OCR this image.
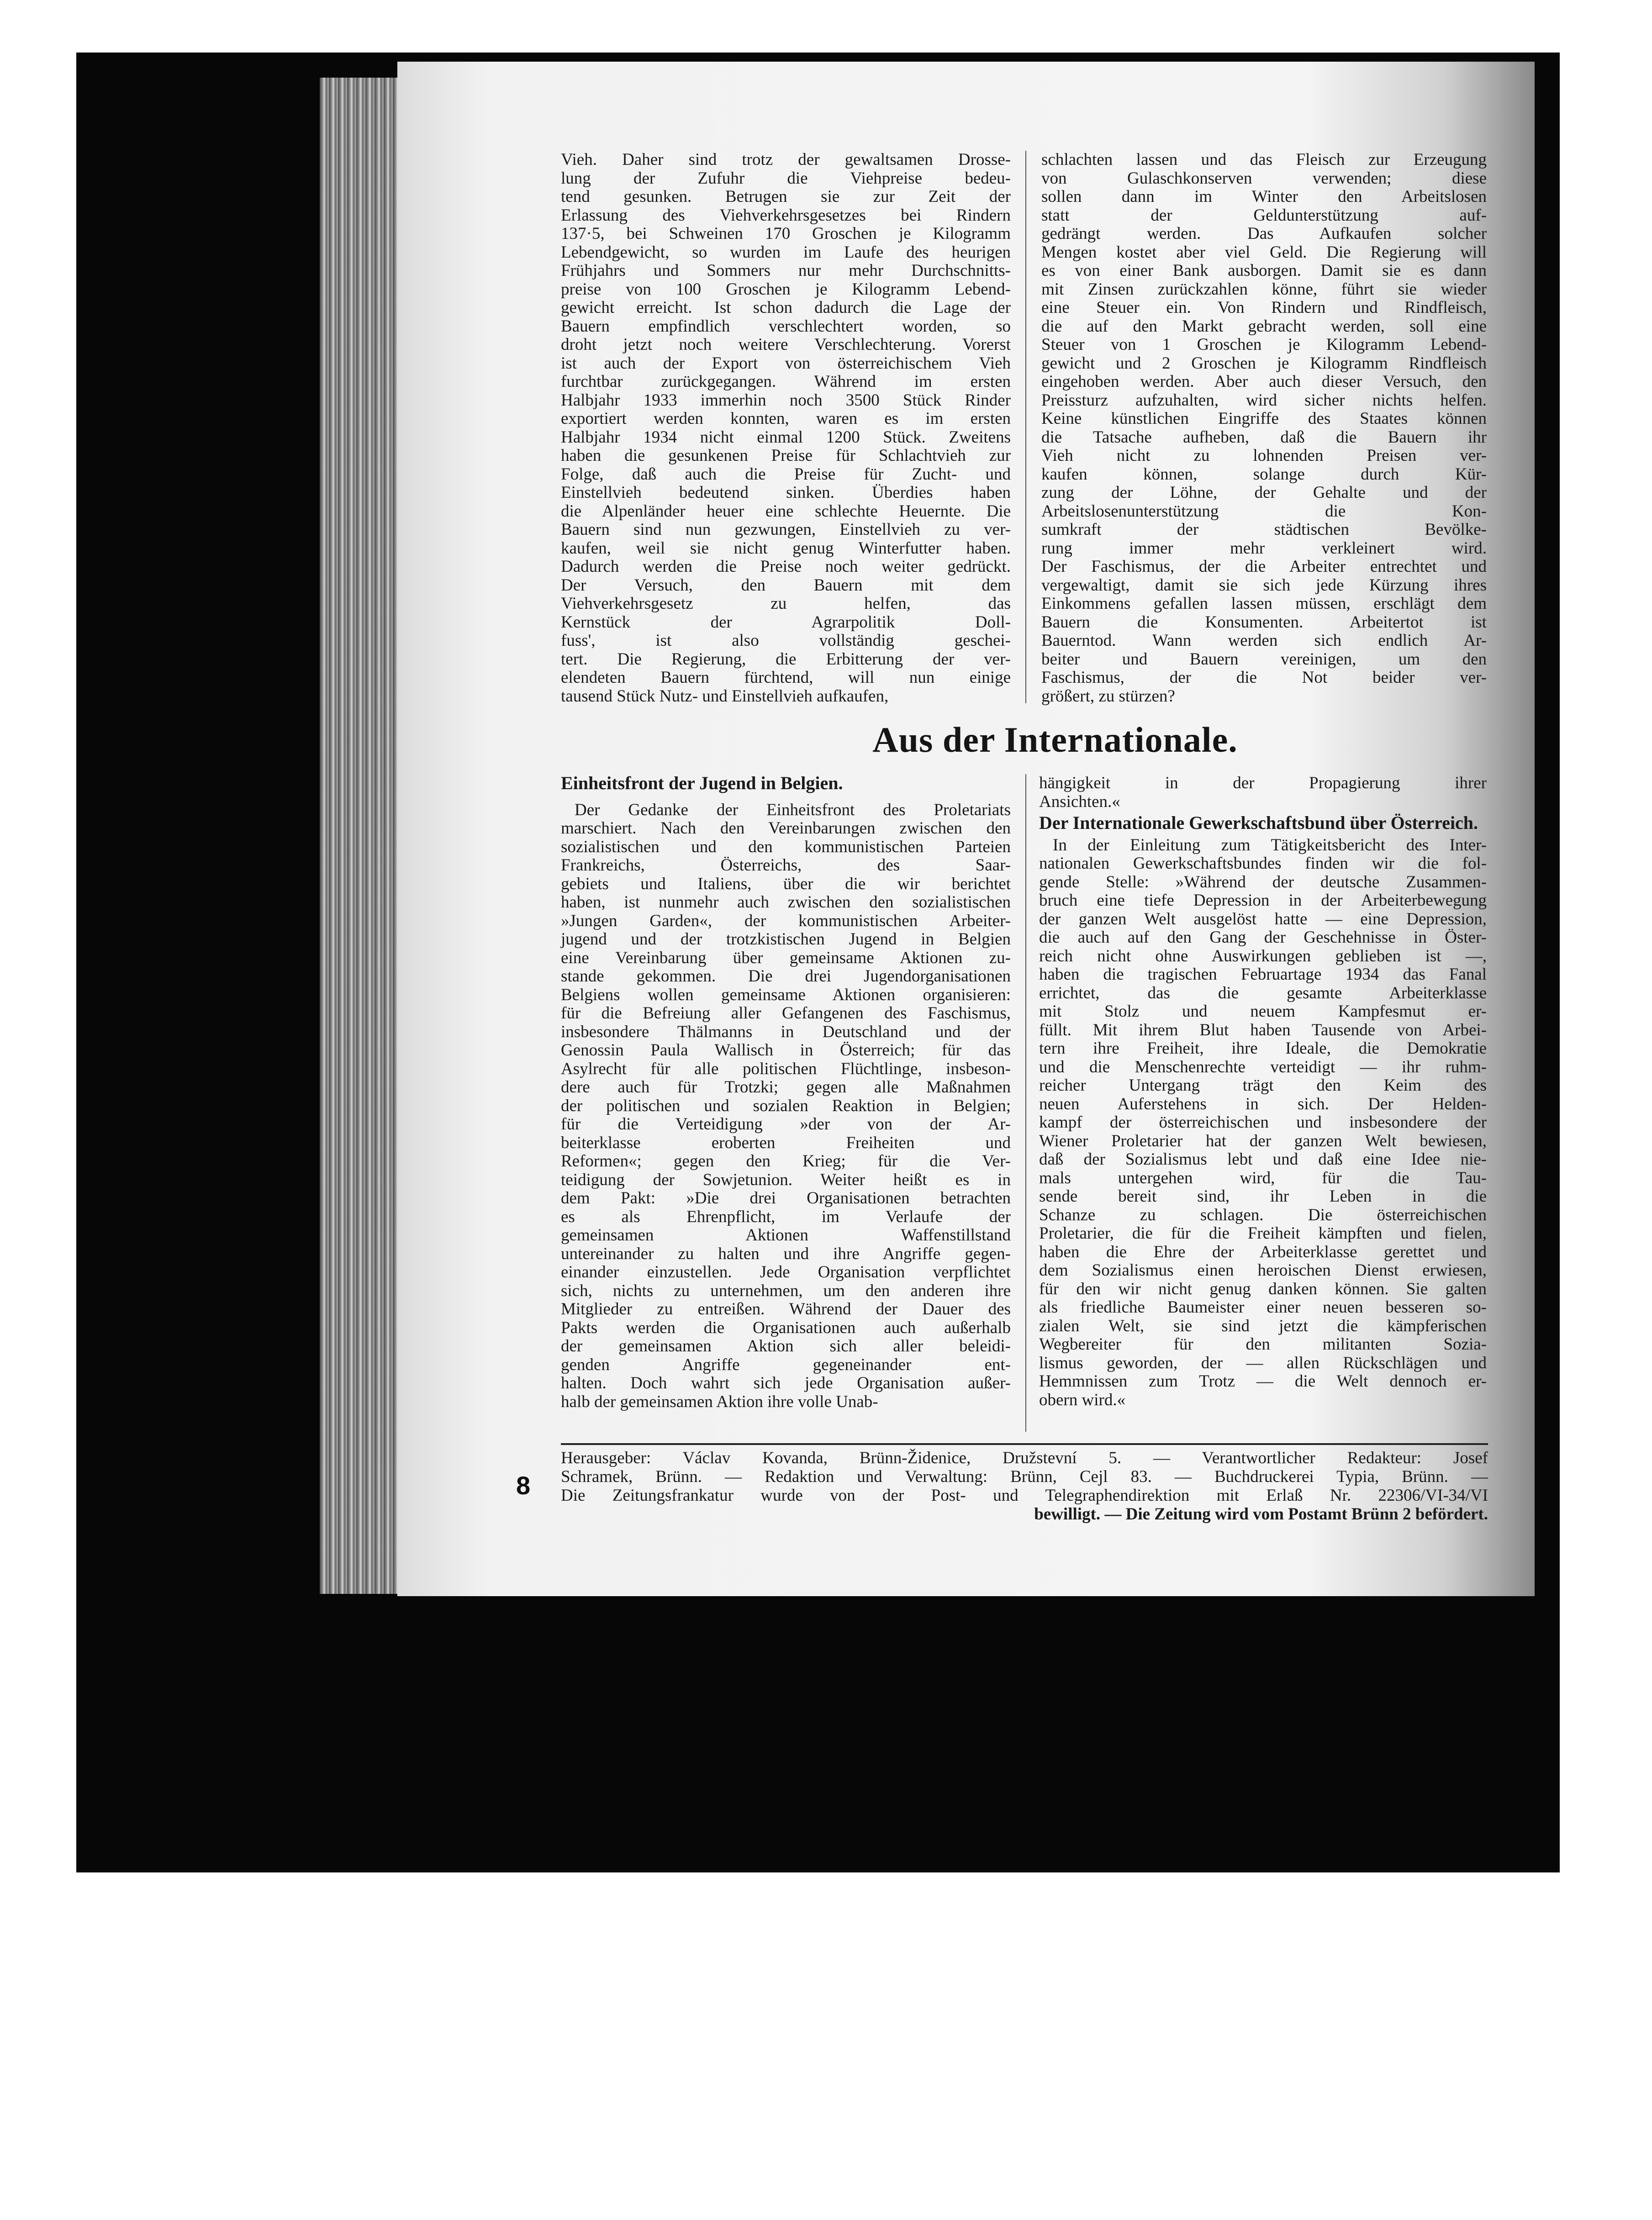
Vieh. Daher sind trotz der gewaltsamen Drosse-

lung der Zufuhr die Viehpreise bedeu-

tend gesunken. Betrugen sie zur Zeit der

Erlassung des Viehverkehrsgesetzes bei Rindern

137·5, bei Schweinen 170 Groschen je Kilogramm

Lebendgewicht, so wurden im Laufe des heurigen

Frühjahrs und Sommers nur mehr Durchschnitts-

preise von 100 Groschen je Kilogramm Lebend-

gewicht erreicht. Ist schon dadurch die Lage der

Bauern empfindlich verschlechtert worden, so

droht jetzt noch weitere Verschlechterung. Vorerst

ist auch der Export von österreichischem Vieh

furchtbar zurückgegangen. Während im ersten

Halbjahr 1933 immerhin noch 3500 Stück Rinder

exportiert werden konnten, waren es im ersten

Halbjahr 1934 nicht einmal 1200 Stück. Zweitens

haben die gesunkenen Preise für Schlachtvieh zur

Folge, daß auch die Preise für Zucht- und

Einstellvieh bedeutend sinken. Überdies haben

die Alpenländer heuer eine schlechte Heuernte. Die

Bauern sind nun gezwungen, Einstellvieh zu ver-

kaufen, weil sie nicht genug Winterfutter haben.

Dadurch werden die Preise noch weiter gedrückt.

Der Versuch, den Bauern mit dem

Viehverkehrsgesetz zu helfen, das

Kernstück der Agrarpolitik Doll-

fuss', ist also vollständig geschei-

tert. Die Regierung, die Erbitterung der ver-

elendeten Bauern fürchtend, will nun einige

tausend Stück Nutz- und Einstellvieh aufkaufen,

schlachten lassen und das Fleisch zur Erzeugung

von Gulaschkonserven verwenden; diese

sollen dann im Winter den Arbeitslosen

statt der Geldunterstützung auf-

gedrängt werden. Das Aufkaufen solcher

Mengen kostet aber viel Geld. Die Regierung will

es von einer Bank ausborgen. Damit sie es dann

mit Zinsen zurückzahlen könne, führt sie wieder

eine Steuer ein. Von Rindern und Rindfleisch,

die auf den Markt gebracht werden, soll eine

Steuer von 1 Groschen je Kilogramm Lebend-

gewicht und 2 Groschen je Kilogramm Rindfleisch

eingehoben werden. Aber auch dieser Versuch, den

Preissturz aufzuhalten, wird sicher nichts helfen.

Keine künstlichen Eingriffe des Staates können

die Tatsache aufheben, daß die Bauern ihr

Vieh nicht zu lohnenden Preisen ver-

kaufen können, solange durch Kür-

zung der Löhne, der Gehalte und der

Arbeitslosenunterstützung die Kon-

sumkraft der städtischen Bevölke-

rung immer mehr verkleinert wird.

Der Faschismus, der die Arbeiter entrechtet und

vergewaltigt, damit sie sich jede Kürzung ihres

Einkommens gefallen lassen müssen, erschlägt dem

Bauern die Konsumenten. Arbeitertot ist

Bauerntod. Wann werden sich endlich Ar-

beiter und Bauern vereinigen, um den

Faschismus, der die Not beider ver-

größert, zu stürzen?

Aus der Internationale.

Einheitsfront der Jugend in Belgien.

Der Gedanke der Einheitsfront des Proletariats

marschiert. Nach den Vereinbarungen zwischen den

sozialistischen und den kommunistischen Parteien

Frankreichs, Österreichs, des Saar-

gebiets und Italiens, über die wir berichtet

haben, ist nunmehr auch zwischen den sozialistischen

»Jungen Garden«, der kommunistischen Arbeiter-

jugend und der trotzkistischen Jugend in Belgien

eine Vereinbarung über gemeinsame Aktionen zu-

stande gekommen. Die drei Jugendorganisationen

Belgiens wollen gemeinsame Aktionen organisieren:

für die Befreiung aller Gefangenen des Faschismus,

insbesondere Thälmanns in Deutschland und der

Genossin Paula Wallisch in Österreich; für das

Asylrecht für alle politischen Flüchtlinge, insbeson-

dere auch für Trotzki; gegen alle Maßnahmen

der politischen und sozialen Reaktion in Belgien;

für die Verteidigung »der von der Ar-

beiterklasse eroberten Freiheiten und

Reformen«; gegen den Krieg; für die Ver-

teidigung der Sowjetunion. Weiter heißt es in

dem Pakt: »Die drei Organisationen betrachten

es als Ehrenpflicht, im Verlaufe der

gemeinsamen Aktionen Waffenstillstand

untereinander zu halten und ihre Angriffe gegen-

einander einzustellen. Jede Organisation verpflichtet

sich, nichts zu unternehmen, um den anderen ihre

Mitglieder zu entreißen. Während der Dauer des

Pakts werden die Organisationen auch außerhalb

der gemeinsamen Aktion sich aller beleidi-

genden Angriffe gegeneinander ent-

halten. Doch wahrt sich jede Organisation außer-

halb der gemeinsamen Aktion ihre volle Unab-

hängigkeit in der Propagierung ihrer

Ansichten.«

Der Internationale Gewerkschaftsbund über Österreich.

In der Einleitung zum Tätigkeitsbericht des Inter-

nationalen Gewerkschaftsbundes finden wir die fol-

gende Stelle: »Während der deutsche Zusammen-

bruch eine tiefe Depression in der Arbeiterbewegung

der ganzen Welt ausgelöst hatte — eine Depression,

die auch auf den Gang der Geschehnisse in Öster-

reich nicht ohne Auswirkungen geblieben ist —,

haben die tragischen Februartage 1934 das Fanal

errichtet, das die gesamte Arbeiterklasse

mit Stolz und neuem Kampfesmut er-

füllt. Mit ihrem Blut haben Tausende von Arbei-

tern ihre Freiheit, ihre Ideale, die Demokratie

und die Menschenrechte verteidigt — ihr ruhm-

reicher Untergang trägt den Keim des

neuen Auferstehens in sich. Der Helden-

kampf der österreichischen und insbesondere der

Wiener Proletarier hat der ganzen Welt bewiesen,

daß der Sozialismus lebt und daß eine Idee nie-

mals untergehen wird, für die Tau-

sende bereit sind, ihr Leben in die

Schanze zu schlagen. Die österreichischen

Proletarier, die für die Freiheit kämpften und fielen,

haben die Ehre der Arbeiterklasse gerettet und

dem Sozialismus einen heroischen Dienst erwiesen,

für den wir nicht genug danken können. Sie galten

als friedliche Baumeister einer neuen besseren so-

zialen Welt, sie sind jetzt die kämpferischen

Wegbereiter für den militanten Sozia-

lismus geworden, der — allen Rückschlägen und

Hemmnissen zum Trotz — die Welt dennoch er-

obern wird.«

8

Herausgeber: Václav Kovanda, Brünn-Židenice, Družstevní 5. — Verantwortlicher Redakteur: Josef

Schramek, Brünn. — Redaktion und Verwaltung: Brünn, Cejl 83. — Buchdruckerei Typia, Brünn. —

Die Zeitungsfrankatur wurde von der Post- und Telegraphendirektion mit Erlaß Nr. 22306/VI-34/VI

bewilligt. — Die Zeitung wird vom Postamt Brünn 2 befördert.
